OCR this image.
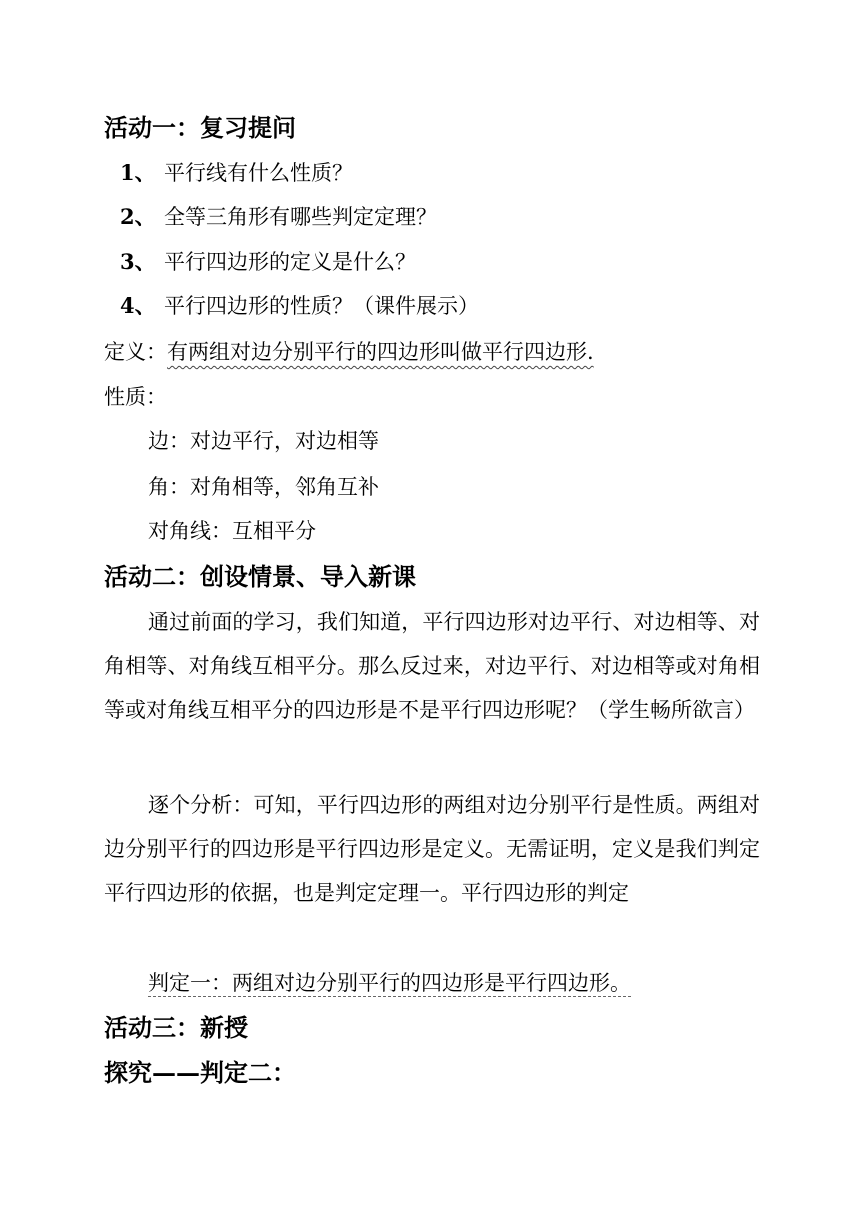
活动一：复习提问
1、 平行线有什么性质？
2、 全等三角形有哪些判定定理？
3、 平行四边形的定义是什么？
4、 平行四边形的性质？（课件展示）
定义：有两组对边分别平行的四边形叫做平行四边形.
性质：
边：对边平行，对边相等
角：对角相等，邻角互补
对角线：互相平分
活动二：创设情景、导入新课
通过前面的学习，我们知道，平行四边形对边平行、对边相等、对角相等、对角线互相平分。那么反过来，对边平行、对边相等或对角相等或对角线互相平分的四边形是不是平行四边形呢？（学生畅所欲言）
逐个分析：可知，平行四边形的两组对边分别平行是性质。两组对边分别平行的四边形是平行四边形是定义。无需证明，定义是我们判定平行四边形的依据，也是判定定理一。平行四边形的判定
判定一：两组对边分别平行的四边形是平行四边形。
活动三：新授
探究——判定二：
